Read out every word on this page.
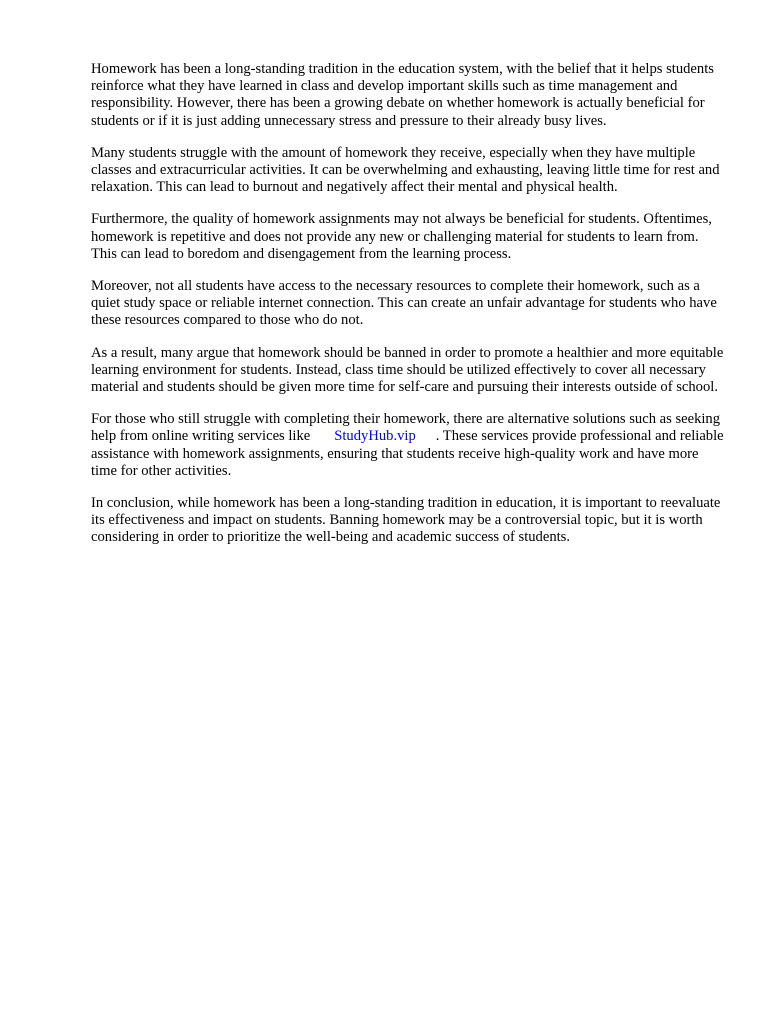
Homework has been a long-standing tradition in the education system, with the belief that it helps students reinforce what they have learned in class and develop important skills such as time management and responsibility. However, there has been a growing debate on whether homework is actually beneficial for students or if it is just adding unnecessary stress and pressure to their already busy lives.

Many students struggle with the amount of homework they receive, especially when they have multiple classes and extracurricular activities. It can be overwhelming and exhausting, leaving little time for rest and relaxation. This can lead to burnout and negatively affect their mental and physical health.

Furthermore, the quality of homework assignments may not always be beneficial for students. Oftentimes, homework is repetitive and does not provide any new or challenging material for students to learn from. This can lead to boredom and disengagement from the learning process.

Moreover, not all students have access to the necessary resources to complete their homework, such as a quiet study space or reliable internet connection. This can create an unfair advantage for students who have these resources compared to those who do not.

As a result, many argue that homework should be banned in order to promote a healthier and more equitable learning environment for students. Instead, class time should be utilized effectively to cover all necessary material and students should be given more time for self-care and pursuing their interests outside of school.

For those who still struggle with completing their homework, there are alternative solutions such as seeking help from online writing services like StudyHub.vip . These services provide professional and reliable assistance with homework assignments, ensuring that students receive high-quality work and have more time for other activities.

In conclusion, while homework has been a long-standing tradition in education, it is important to reevaluate its effectiveness and impact on students. Banning homework may be a controversial topic, but it is worth considering in order to prioritize the well-being and academic success of students.
